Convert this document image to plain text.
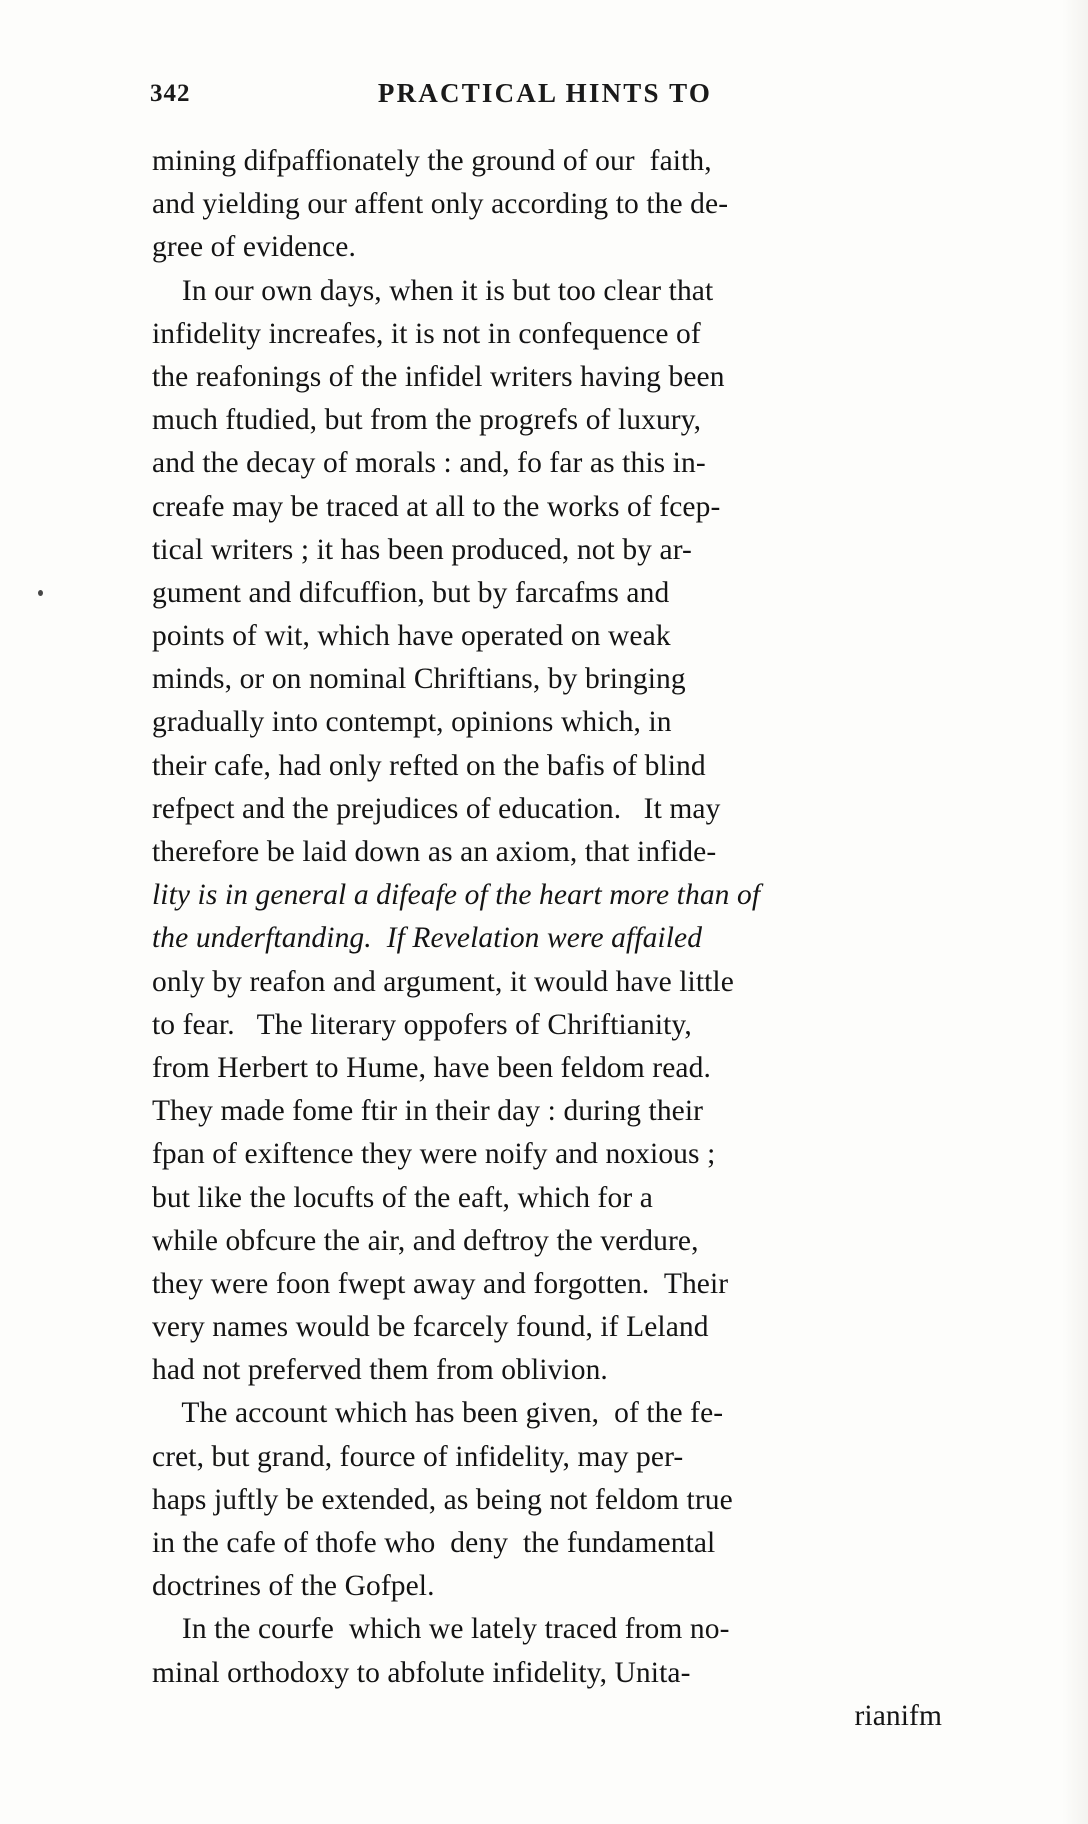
342	PRACTICAL HINTS TO
mining difpaffionately the ground of our  faith,
and yielding our affent only according to the de-
gree of evidence.
In our own days, when it is but too clear that
infidelity increafes, it is not in confequence of
the reafonings of the infidel writers having been
much ftudied, but from the progrefs of luxury,
and the decay of morals : and, fo far as this in-
creafe may be traced at all to the works of fcep-
tical writers ; it has been produced, not by ar-
gument and difcuffion, but by farcafms and
points of wit, which have operated on weak
minds, or on nominal Chriftians, by bringing
gradually into contempt, opinions which, in
their cafe, had only refted on the bafis of blind
refpect and the prejudices of education.   It may
therefore be laid down as an axiom, that infide-
lity is in general a difeafe of the heart more than of
the underftanding.  If Revelation were affailed
only by reafon and argument, it would have little
to fear.   The literary oppofers of Chriftianity,
from Herbert to Hume, have been feldom read.
They made fome ftir in their day : during their
fpan of exiftence they were noify and noxious ;
but like the locufts of the eaft, which for a
while obfcure the air, and deftroy the verdure,
they were foon fwept away and forgotten.  Their
very names would be fcarcely found, if Leland
had not preferved them from oblivion.
The account which has been given,  of the fe-
cret, but grand, fource of infidelity, may per-
haps juftly be extended, as being not feldom true
in the cafe of thofe who  deny  the fundamental
doctrines of the Gofpel.
In the courfe  which we lately traced from no-
minal orthodoxy to abfolute infidelity, Unita-
rianifm
